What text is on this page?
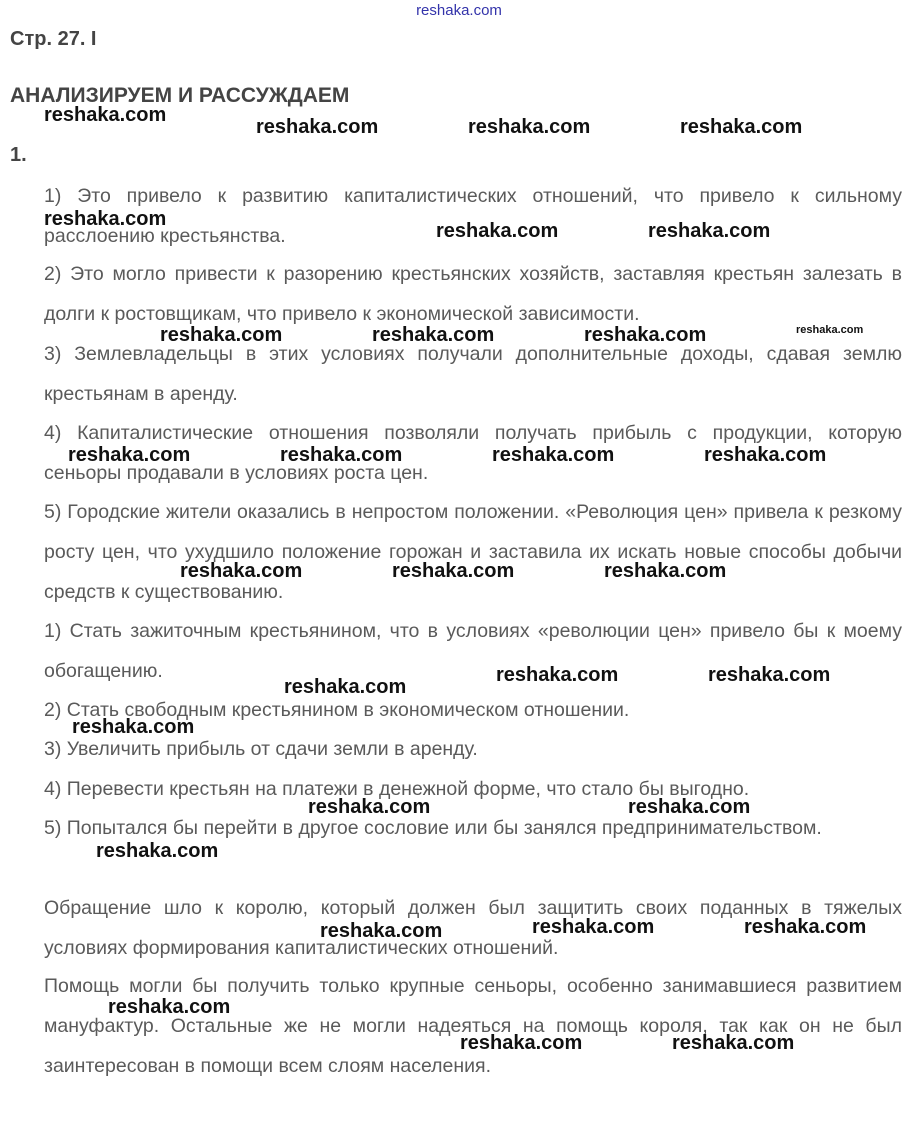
reshaka.com
Стр. 27. I
АНАЛИЗИРУЕМ И РАССУЖДАЕМ
1.

1) Это привело к развитию капиталистических отношений, что привело к сильному расслоению крестьянства.

2) Это могло привести к разорению крестьянских хозяйств, заставляя крестьян залезать в долги к ростовщикам, что привело к экономической зависимости.

3) Землевладельцы в этих условиях получали дополнительные доходы, сдавая землю крестьянам в аренду.

4) Капиталистические отношения позволяли получать прибыль с продукции, которую сеньоры продавали в условиях роста цен.

5) Городские жители оказались в непростом положении. «Революция цен» привела к резкому росту цен, что ухудшило положение горожан и заставила их искать новые способы добычи средств к существованию.

1) Стать зажиточным крестьянином, что в условиях «революции цен» привело бы к моему обогащению.

2) Стать свободным крестьянином в экономическом отношении.

3) Увеличить прибыль от сдачи земли в аренду.

4) Перевести крестьян на платежи в денежной форме, что стало бы выгодно.

5) Попытался бы перейти в другое сословие или бы занялся предпринимательством.

Обращение шло к королю, который должен был защитить своих поданных в тяжелых условиях формирования капиталистических отношений.

Помощь могли бы получить только крупные сеньоры, особенно занимавшиеся развитием мануфактур. Остальные же не могли надеяться на помощь короля, так как он не был заинтересован в помощи всем слоям населения.

reshaka.com
reshaka.com	reshaka.com	reshaka.com
reshaka.com
reshaka.com	reshaka.com
reshaka.com	reshaka.com	reshaka.com	reshaka.com
reshaka.com	reshaka.com	reshaka.com	reshaka.com
reshaka.com	reshaka.com	reshaka.com
reshaka.com	reshaka.com
reshaka.com
reshaka.com
reshaka.com	reshaka.com
reshaka.com
reshaka.com	reshaka.com
reshaka.com
reshaka.com
reshaka.com	reshaka.com
